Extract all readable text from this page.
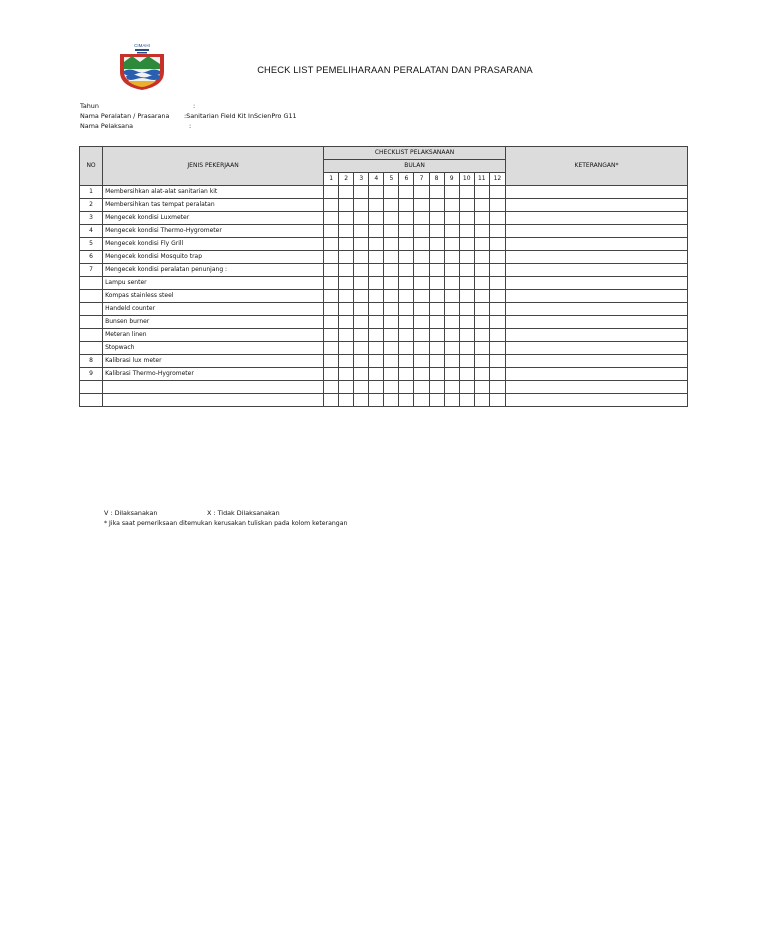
CIMAHI
CHECK LIST PEMELIHARAAN PERALATAN DAN PRASARANA
Tahun	:
Nama Peralatan / Prasarana :Sanitarian Field Kit InScienPro G11
Nama Pelaksana	:
NO	JENIS PEKERJAAN	CHECKLIST PELAKSANAAN												KETERANGAN*
		BULAN												
		1	2	3	4	5	6	7	8	9	10	11	12	
1	Membersihkan alat-alat sanitarian kit													
2	Membersihkan tas tempat peralatan													
3	Mengecek kondisi Luxmeter													
4	Mengecek kondisi Thermo-Hygrometer													
5	Mengecek kondisi Fly Grill													
6	Mengecek kondisi Mosquito trap													
7	Mengecek kondisi peralatan penunjang :													
	Lampu senter													
	Kompas stainless steel													
	Handeld counter													
	Bunsen burner													
	Meteran linen													
	Stopwach													
8	Kalibrasi lux meter													
9	Kalibrasi Thermo-Hygrometer													

V : Dilaksanakan	X : Tidak Dilaksanakan
* Jika saat pemeriksaan ditemukan kerusakan tuliskan pada kolom keterangan
